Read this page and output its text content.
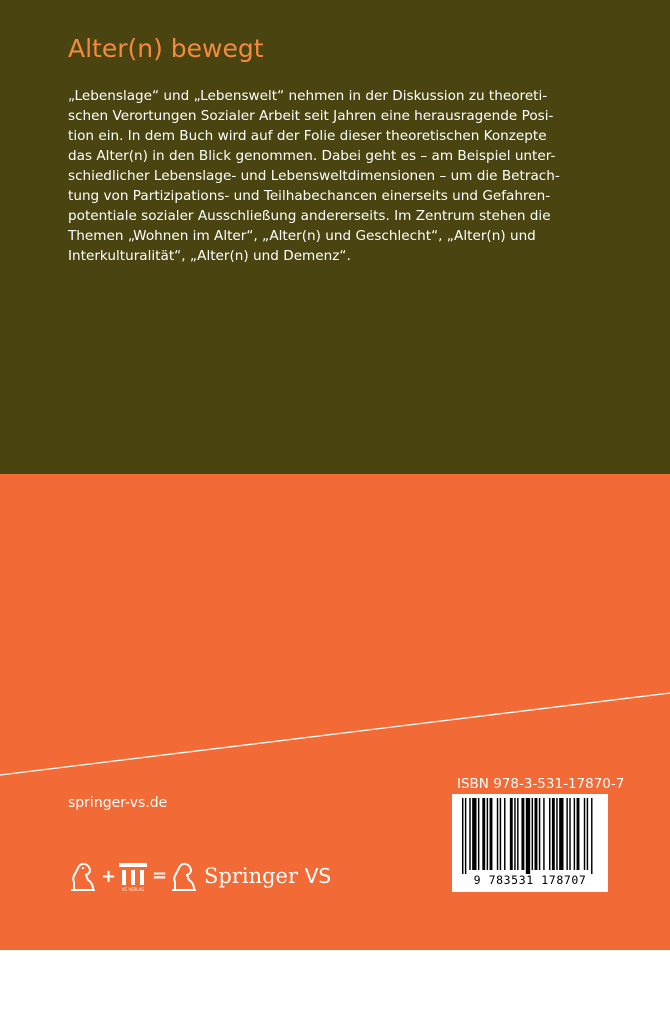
Alter(n) bewegt

„Lebenslage“ und „Lebenswelt“ nehmen in der Diskussion zu theoreti-
schen Verortungen Sozialer Arbeit seit Jahren eine herausragende Posi-
tion ein. In dem Buch wird auf der Folie dieser theoretischen Konzepte
das Alter(n) in den Blick genommen. Dabei geht es – am Beispiel unter-
schiedlicher Lebenslage- und Lebensweltdimensionen – um die Betrach-
tung von Partizipations- und Teilhabechancen einerseits und Gefahren-
potentiale sozialer Ausschließung andererseits. Im Zentrum stehen die
Themen „Wohnen im Alter“, „Alter(n) und Geschlecht“, „Alter(n) und
Interkulturalität“, „Alter(n) und Demenz“.

Dr. Gabriele Kleiner hat eine Professur für Sozialarbeit/Sozialpädagogik
mit dem Schwerpunkt Gemeinwesenarbeit an der Evangelischen Hoch-
schule Darmstadt, University of Applied Sciences inne.

springer-vs.de
ISBN 978-3-531-17870-7
9 783531 178707
+
VS VERLAG
= Springer VS
